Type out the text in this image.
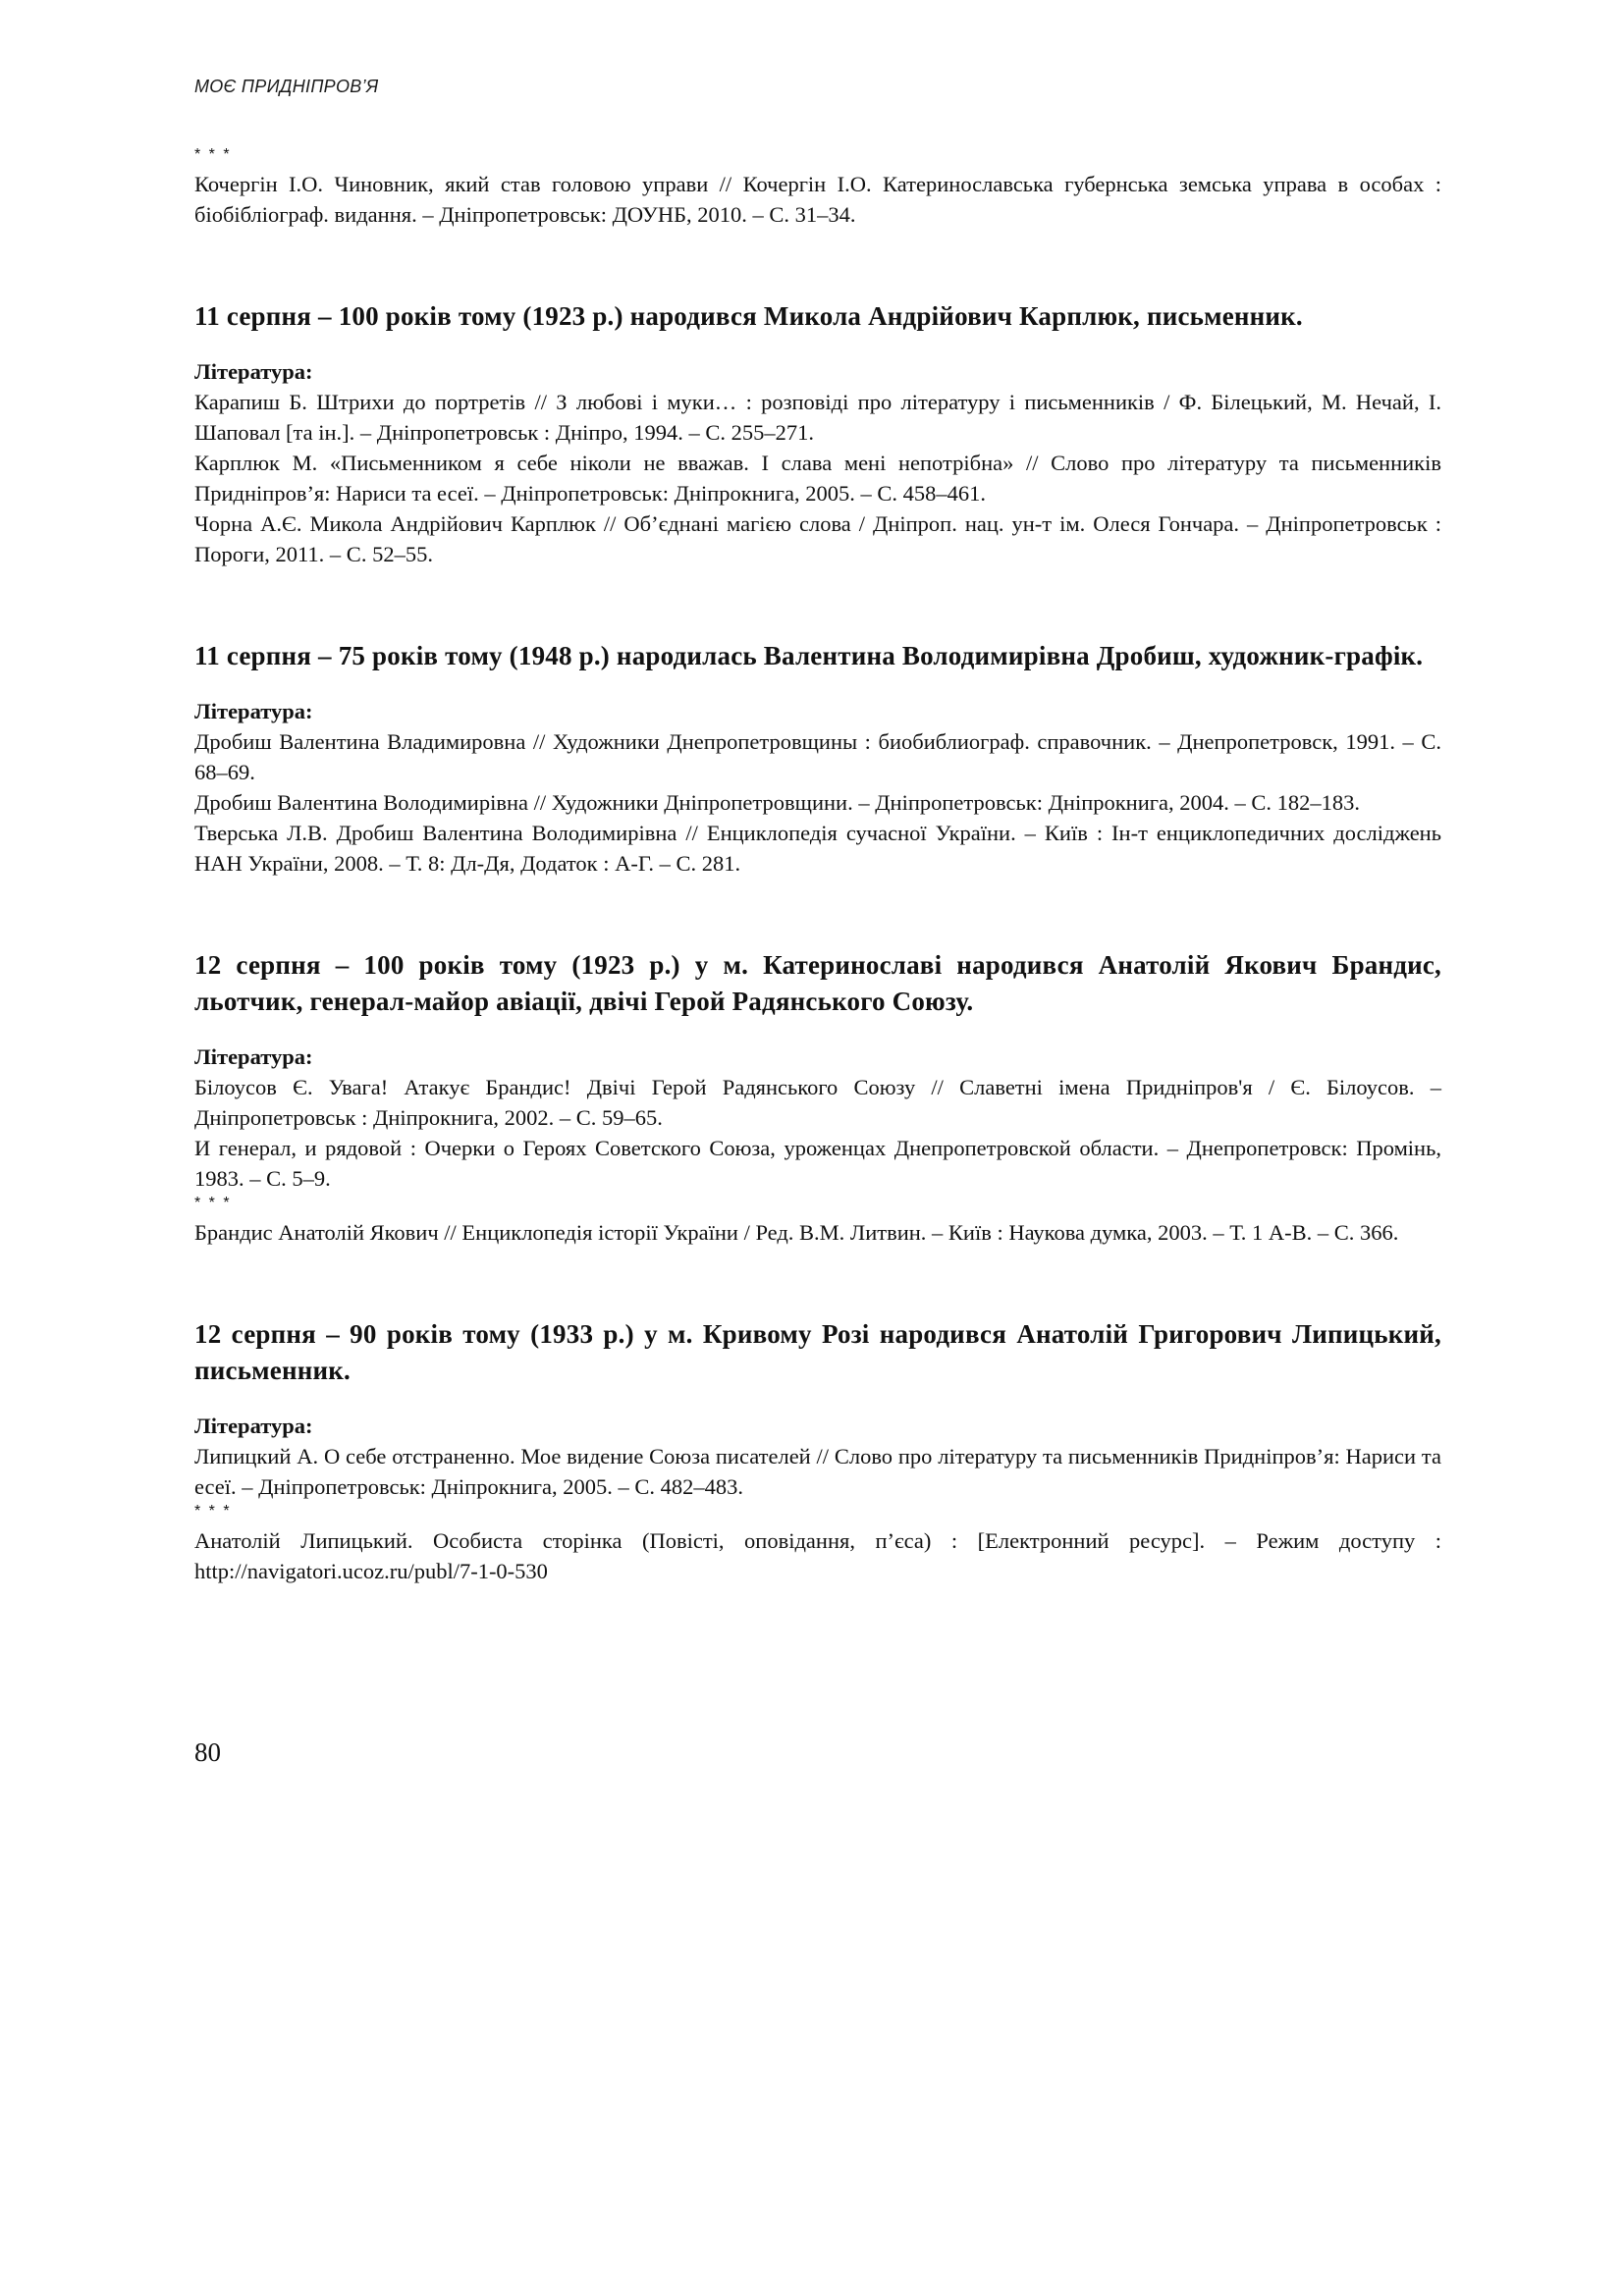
МОЄ ПРИДНІПРОВ’Я
* * *

Кочергін І.О. Чиновник, який став головою управи // Кочергін І.О. Катеринославська губернська земська управа в особах : біобібліограф. видання. – Дніпропетровськ: ДОУНБ, 2010. – С. 31–34.

11 серпня – 100 років тому (1923 р.) народився Микола Андрійович Карплюк, письменник.

Література:

Карапиш Б. Штрихи до портретів // З любові і муки… : розповіді про літературу і письменників / Ф. Білецький, М. Нечай, І. Шаповал [та ін.]. – Дніпропетровськ : Дніпро, 1994. – С. 255–271.

Карплюк М. «Письменником я себе ніколи не вважав. І слава мені непотрібна» // Слово про літературу та письменників Придніпров’я: Нариси та есеї. – Дніпропетровськ: Дніпрокнига, 2005. – С. 458–461.

Чорна А.Є. Микола Андрійович Карплюк // Об’єднані магією слова / Дніпроп. нац. ун-т ім. Олеся Гончара. – Дніпропетровськ : Пороги, 2011. – С. 52–55.

11 серпня – 75 років тому (1948 р.) народилась Валентина Володимирівна Дробиш, художник-графік.

Література:

Дробиш Валентина Владимировна // Художники Днепропетровщины : биобиблиограф. справочник. – Днепропетровск, 1991. – С. 68–69.

Дробиш Валентина Володимирівна // Художники Дніпропетровщини. – Дніпропетровськ: Дніпрокнига, 2004. – С. 182–183.

Тверська Л.В. Дробиш Валентина Володимирівна // Енциклопедія сучасної України. – Київ : Ін-т енциклопедичних досліджень НАН України, 2008. – Т. 8: Дл-Дя, Додаток : А-Г. – С. 281.

12 серпня – 100 років тому (1923 р.) у м. Катеринославі народився Анатолій Якович Брандис, льотчик, генерал-майор авіації, двічі Герой Радянського Союзу.

Література:

Білоусов Є. Увага! Атакує Брандис! Двічі Герой Радянського Союзу // Славетні імена Придніпров'я / Є. Білоусов. – Дніпропетровськ : Дніпрокнига, 2002. – С. 59–65.

И генерал, и рядовой : Очерки о Героях Советского Союза, уроженцах Днепропетровской области. – Днепропетровск: Промінь, 1983. – С. 5–9.

* * *

Брандис Анатолій Якович // Енциклопедія історії України / Ред. В.М. Литвин. – Київ : Наукова думка, 2003. – Т. 1 А-В. – С. 366.

12 серпня – 90 років тому (1933 р.) у м. Кривому Розі народився Анатолій Григорович Липицький, письменник.

Література:

Липицкий А. О себе отстраненно. Мое видение Союза писателей // Слово про літературу та письменників Придніпров’я: Нариси та есеї. – Дніпропетровськ: Дніпрокнига, 2005. – С. 482–483.

* * *

Анатолій Липицький. Особиста сторінка (Повісті, оповідання, п’єса) : [Електронний ресурс]. – Режим доступу : http://navigatori.ucoz.ru/publ/7-1-0-530

80
